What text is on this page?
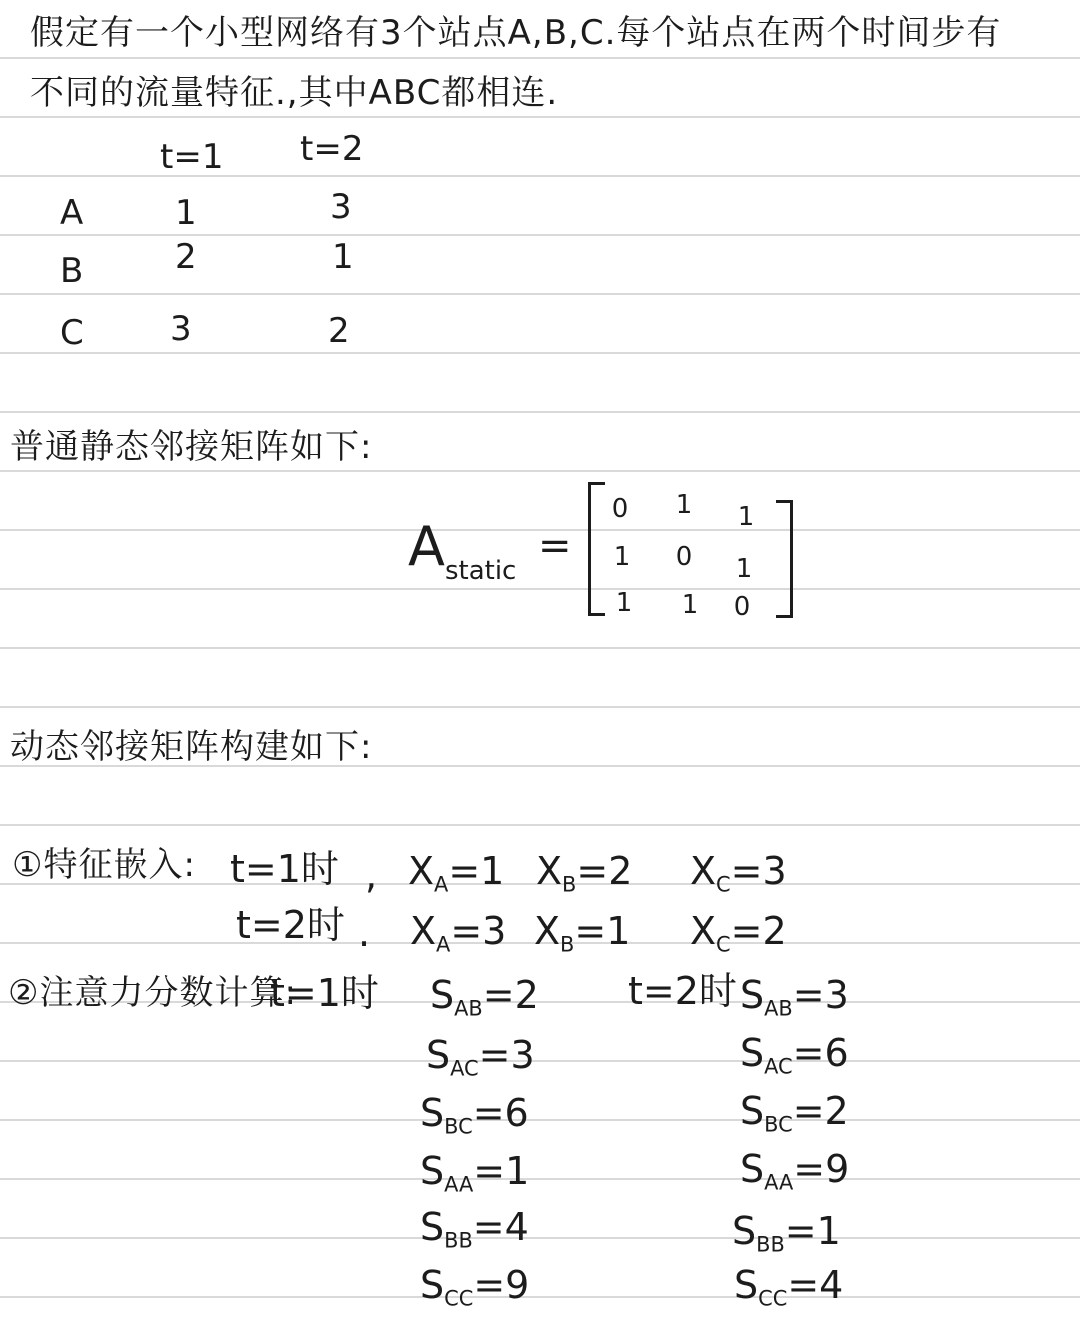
假定有一个小型网络有3个站点A,B,C.每个站点在两个时间步有
不同的流量特征.,其中ABC都相连.
t=1 t=2
A	1	3
B	2	1
C	3	2
普通静态邻接矩阵如下:
$A_{static}$
=
0	1	1
1	0	1
1	1	0
动态邻接矩阵构建如下:
①特征嵌入: t=1时 , $X_A=1$ $X_B=2$ $X_C=3$
t=2时 . $X_A=3$ $X_B=1$ $X_C=2$
②注意力分数计算:
t=1时 $S_{AB}=2$
$S_{AC}=3$
$S_{BC}=6$
$S_{AA}=1$
$S_{BB}=4$
$S_{CC}=9$
t=2时 $S_{AB}=3$
$S_{AC}=6$
$S_{BC}=2$
$S_{AA}=9$
$S_{BB}=1$
$S_{CC}=4$
